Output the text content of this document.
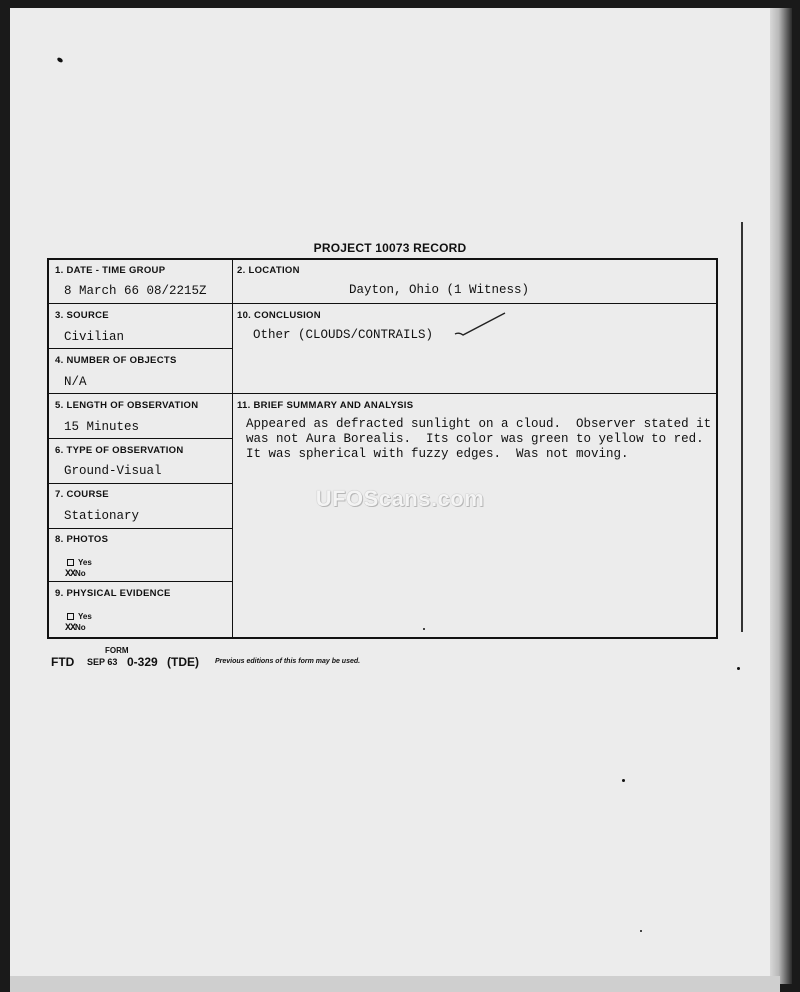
PROJECT 10073 RECORD
1. DATE - TIME GROUP
8 March 66 08/2215Z
2. LOCATION
Dayton, Ohio (1 Witness)
3. SOURCE
Civilian
10. CONCLUSION
Other (CLOUDS/CONTRAILS)
4. NUMBER OF OBJECTS
N/A
5. LENGTH OF OBSERVATION
15 Minutes
11. BRIEF SUMMARY AND ANALYSIS
Appeared as defracted sunlight on a cloud.  Observer stated it
was not Aura Borealis.  Its color was green to yellow to red.
It was spherical with fuzzy edges.  Was not moving.
6. TYPE OF OBSERVATION
Ground-Visual
7. COURSE
Stationary
8. PHOTOS
Yes
XXNo
9. PHYSICAL EVIDENCE
Yes
XXNo
UFOScans.com
FORM
FTD SEP 63 0-329 (TDE) Previous editions of this form may be used.
